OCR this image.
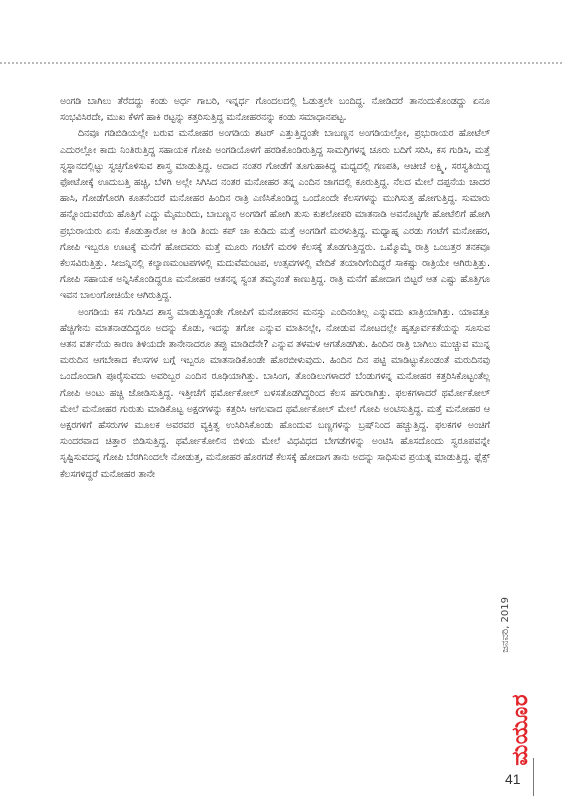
ಅಂಗಡಿ ಬಾಗಿಲು ತೆರೆದದ್ದು ಕಂಡು ಅರ್ಧ ಗಾಬರಿ, ಇನ್ನರ್ಧ ಗೊಂದಲದಲ್ಲಿ ಓಡುತ್ತಲೇ ಬಂದಿದ್ದ. ನೋಡಿದರೆ ತಾನಂದುಕೊಂಡದ್ದು ಏನೂ ಸಂಭವಿಸಿರದೇ, ಮುಖ ಕೆಳಗೆ ಹಾಕಿ ರಟ್ಟನ್ನು ಕತ್ತರಿಸುತ್ತಿದ್ದ ಮನೋಹರನನ್ನು ಕಂಡು ಸಮಾಧಾನಪಟ್ಟ.

ದಿನವೂ ಗಡಿಬಿಡಿಯಲ್ಲೇ ಬರುವ ಮನೋಹರ ಅಂಗಡಿಯ ಶಟರ್ ಎತ್ತುತ್ತಿದ್ದಂತೇ ಬಾಬಣ್ಣನ ಅಂಗಡಿಯಲ್ಲೋ, ಪ್ರಭುರಾಯರ ಹೋಟೆಲ್ ಎದುರಲ್ಲೋ ಕಾದು ನಿಂತಿರುತ್ತಿದ್ದ ಸಹಾಯಕ ಗೋಪಿ ಅಂಗಡಿಯೊಳಗೆ ಹರಡಿಕೊಂಡಿರುತ್ತಿದ್ದ ಸಾಮಗ್ರಿಗಳನ್ನ ಚೂರು ಬದಿಗೆ ಸರಿಸಿ, ಕಸ ಗುಡಿಸಿ, ಮತ್ತೆ ಸ್ವಸ್ಥಾನದಲ್ಲಿಟ್ಟು ಸ್ವಚ್ಛಗೊಳಿಸುವ ಶಾಸ್ತ್ರ ಮಾಡುತ್ತಿದ್ದ. ಅದಾದ ನಂತರ ಗೋಡೆಗೆ ತೂಗುಹಾಕಿದ್ದ ಮಧ್ಯದಲ್ಲಿ ಗಣಪತಿ, ಆಚೀಚೆ ಲಕ್ಷ್ಮಿ, ಸರಸ್ವತಿಯಿದ್ದ ಫೋಟೋಕ್ಕೆ ಊದುಬತ್ತಿ ಹಚ್ಚಿ, ಬೆಳಗಿ ಅಲ್ಲೇ ಸಿಗಿಸಿದ ನಂತರ ಮನೋಹರ ತನ್ನ ಎಂದಿನ ಜಾಗದಲ್ಲಿ ಕೂರುತ್ತಿದ್ದ. ನೆಲದ ಮೇಲೆ ದಪ್ಪನೆಯ ಚಾದರ ಹಾಸಿ, ಗೋಡೆಗೊರಗಿ ಕೂತನೆಂದರೆ ಮನೋಹರ ಹಿಂದಿನ ರಾತ್ರಿ ಎಣಿಸಿಕೊಂಡಿದ್ದ ಒಂದೊಂದೇ ಕೆಲಸಗಳನ್ನು ಮುಗಿಸುತ್ತ ಹೋಗುತ್ತಿದ್ದ. ಸುಮಾರು ಹನ್ನೊಂದುವರೆಯ ಹೊತ್ತಿಗೆ ಎದ್ದು ಮೈಮುರಿದು, ಬಾಬಣ್ಣನ ಅಂಗಡಿಗೆ ಹೋಗಿ ತುಸು ಕುಶಲೋಪರಿ ಮಾತನಾಡಿ ಅವನೊಟ್ಟಿಗೇ ಹೋಟೆಲಿಗೆ ಹೋಗಿ ಪ್ರಭುರಾಯರು ಏನು ಕೊಡುತ್ತಾರೋ ಆ ತಿಂಡಿ ತಿಂದು ಕಪ್ ಚಾ ಕುಡಿದು ಮತ್ತೆ ಅಂಗಡಿಗೆ ಮರಳುತ್ತಿದ್ದ. ಮಧ್ಯಾಹ್ನ ಎರಡು ಗಂಟೆಗೆ ಮನೋಹರ, ಗೋಪಿ ಇಬ್ಬರೂ ಊಟಕ್ಕೆ ಮನೆಗೆ ಹೋದವರು ಮತ್ತೆ ಮೂರು ಗಂಟೆಗೆ ಮರಳಿ ಕೆಲಸಕ್ಕೆ ತೊಡಗುತ್ತಿದ್ದರು. ಒಮ್ಮೊಮ್ಮೆ ರಾತ್ರಿ ಒಂಬತ್ತರ ತನಕವೂ ಕೆಲಸವಿರುತ್ತಿತ್ತು. ಸೀಜನ್ನಿನಲ್ಲಿ ಕಲ್ಯಾಣಮಂಟಪಗಳಲ್ಲಿ ಮದುವೆಮಂಟಪ, ಉತ್ಸವಗಳಲ್ಲಿ ವೇದಿಕೆ ತಯಾರಿಗೆಂದಿದ್ದರೆ ಸಾಕಷ್ಟು ರಾತ್ರಿಯೇ ಆಗಿರುತ್ತಿತ್ತು. ಗೋಪಿ ಸಹಾಯಕ ಅನ್ನಿಸಿಕೊಂಡಿದ್ದರೂ ಮನೋಹರ ಆತನನ್ನ ಸ್ವಂತ ತಮ್ಮನಂತೆ ಕಾಣುತ್ತಿದ್ದ. ರಾತ್ರಿ ಮನೆಗೆ ಹೋದಾಗ ಬಿಟ್ಟರೆ ಆತ ಎಷ್ಟು ಹೊತ್ತಿಗೂ ಇವನ ಬಾಲಂಗೋಚಿಯೇ ಆಗಿರುತ್ತಿದ್ದ.

ಅಂಗಡಿಯ ಕಸ ಗುಡಿಸಿದ ಶಾಸ್ತ್ರ ಮಾಡುತ್ತಿದ್ದಂತೇ ಗೋಪಿಗೆ ಮನೋಹರನ ಮನಸ್ಸು ಎಂದಿನಂತಿಲ್ಲ ಎನ್ನುವದು ಖಾತ್ರಿಯಾಗಿತ್ತು. ಯಾವತ್ತೂ ಹೆಚ್ಚಿಗೇನು ಮಾತನಾಡದಿದ್ದರೂ ಅದನ್ನು ಕೊಡು, ಇದನ್ನು ತಗೋ ಎನ್ನುವ ಮಾತಿನಲ್ಲೇ, ನೋಡುವ ನೋಟದಲ್ಲೇ ಹೃತ್ಪೂರ್ವಕತೆಯನ್ನು ಸೂಸುವ ಆತನ ವರ್ತನೆಯ ಕಾರಣ ತಿಳಿಯದೇ ತಾನೇನಾದರೂ ತಪ್ಪು ಮಾಡಿದೆನೇ? ಎನ್ನುವ ತಳಮಳ ಆಗತೊಡಗಿತು. ಹಿಂದಿನ ರಾತ್ರಿ ಬಾಗಿಲು ಮುಚ್ಚುವ ಮುನ್ನ ಮರುದಿನ ಆಗಬೇಕಾದ ಕೆಲಸಗಳ ಬಗ್ಗೆ ಇಬ್ಬರೂ ಮಾತನಾಡಿಕೊಂಡೇ ಹೊರಬೀಳುವುದು. ಹಿಂದಿನ ದಿನ ಪಟ್ಟಿ ಮಾಡಿಟ್ಟುಕೊಂಡಂತೆ ಮರುದಿನವು ಒಂದೊಂದಾಗಿ ಪೂರೈಸುವದು ಅವರಿಬ್ಬರ ಎಂದಿನ ರೂಢಿಯಾಗಿತ್ತು. ಬಾಸಿಂಗ, ತೊಂಡಿಲುಗಳಾದರೆ ಬೆಂಡುಗಳನ್ನ ಮನೋಹರ ಕತ್ತರಿಸಿಕೊಟ್ಟಂತೆಲ್ಲ ಗೋಪಿ ಅಂಟು ಹಚ್ಚಿ ಜೋಡಿಸುತ್ತಿದ್ದ. ಇತ್ತೀಚೆಗೆ ಥರ್ಮೋಕೋಲ್ ಬಳಸತೊಡಗಿದ್ದರಿಂದ ಕೆಲಸ ಹಗುರಾಗಿತ್ತು. ಫಲಕಗಳಾದರೆ ಥರ್ಮೋಕೋಲ್ ಮೇಲೆ ಮನೋಹರ ಗುರುತು ಮಾಡಿಕೊಟ್ಟ ಅಕ್ಷರಗಳನ್ನು ಕತ್ತರಿಸಿ ಆಗಲವಾದ ಥರ್ಮೋಕೋಲ್ ಮೇಲೆ ಗೋಪಿ ಅಂಟಿಸುತ್ತಿದ್ದ. ಮತ್ತೆ ಮನೋಹರ ಆ ಅಕ್ಷರಗಳಿಗೆ ಹೆಸರುಗಳ ಮೂಲಕ ಅವರವರ ವ್ಯಕ್ತಿತ್ವ ಉಸಿರಿಸಿಕೊಂಡು ಹೊಂದುವ ಬಣ್ಣಗಳನ್ನು ಬ್ರಷ್‌ನಿಂದ ಹಚ್ಚುತ್ತಿದ್ದ. ಫಲಕಗಳ ಅಂಚಿಗೆ ಸುಂದರವಾದ ಚಿತ್ತಾರ ಬಿಡಿಸುತ್ತಿದ್ದ. ಥರ್ಮೋಕೋಲಿನ ಬಿಳಿಯ ಮೇಲೆ ವಿಧವಿಧದ ಬೇಗಡೆಗಳನ್ನು ಅಂಟಿಸಿ ಹೊಸದೊಂದು ಸ್ವರೂಪವನ್ನೇ ಸೃಷ್ಟಿಸುವದನ್ನ ಗೋಪಿ ಬೆರಗಿನಿಂದಲೇ ನೋಡುತ್ತ, ಮನೋಹರ ಹೊರಗಡೆ ಕೆಲಸಕ್ಕೆ ಹೋದಾಗ ತಾನು ಅದನ್ನು ಸಾಧಿಸುವ ಪ್ರಯತ್ನ ಮಾಡುತ್ತಿದ್ದ. ಫ್ಲೆಕ್ಸ್ ಕೆಲಸಗಳಿದ್ದರೆ ಮನೋಹರ ತಾನೇ

ಮಯೂರ
ಜನವರಿ, 2019
41
